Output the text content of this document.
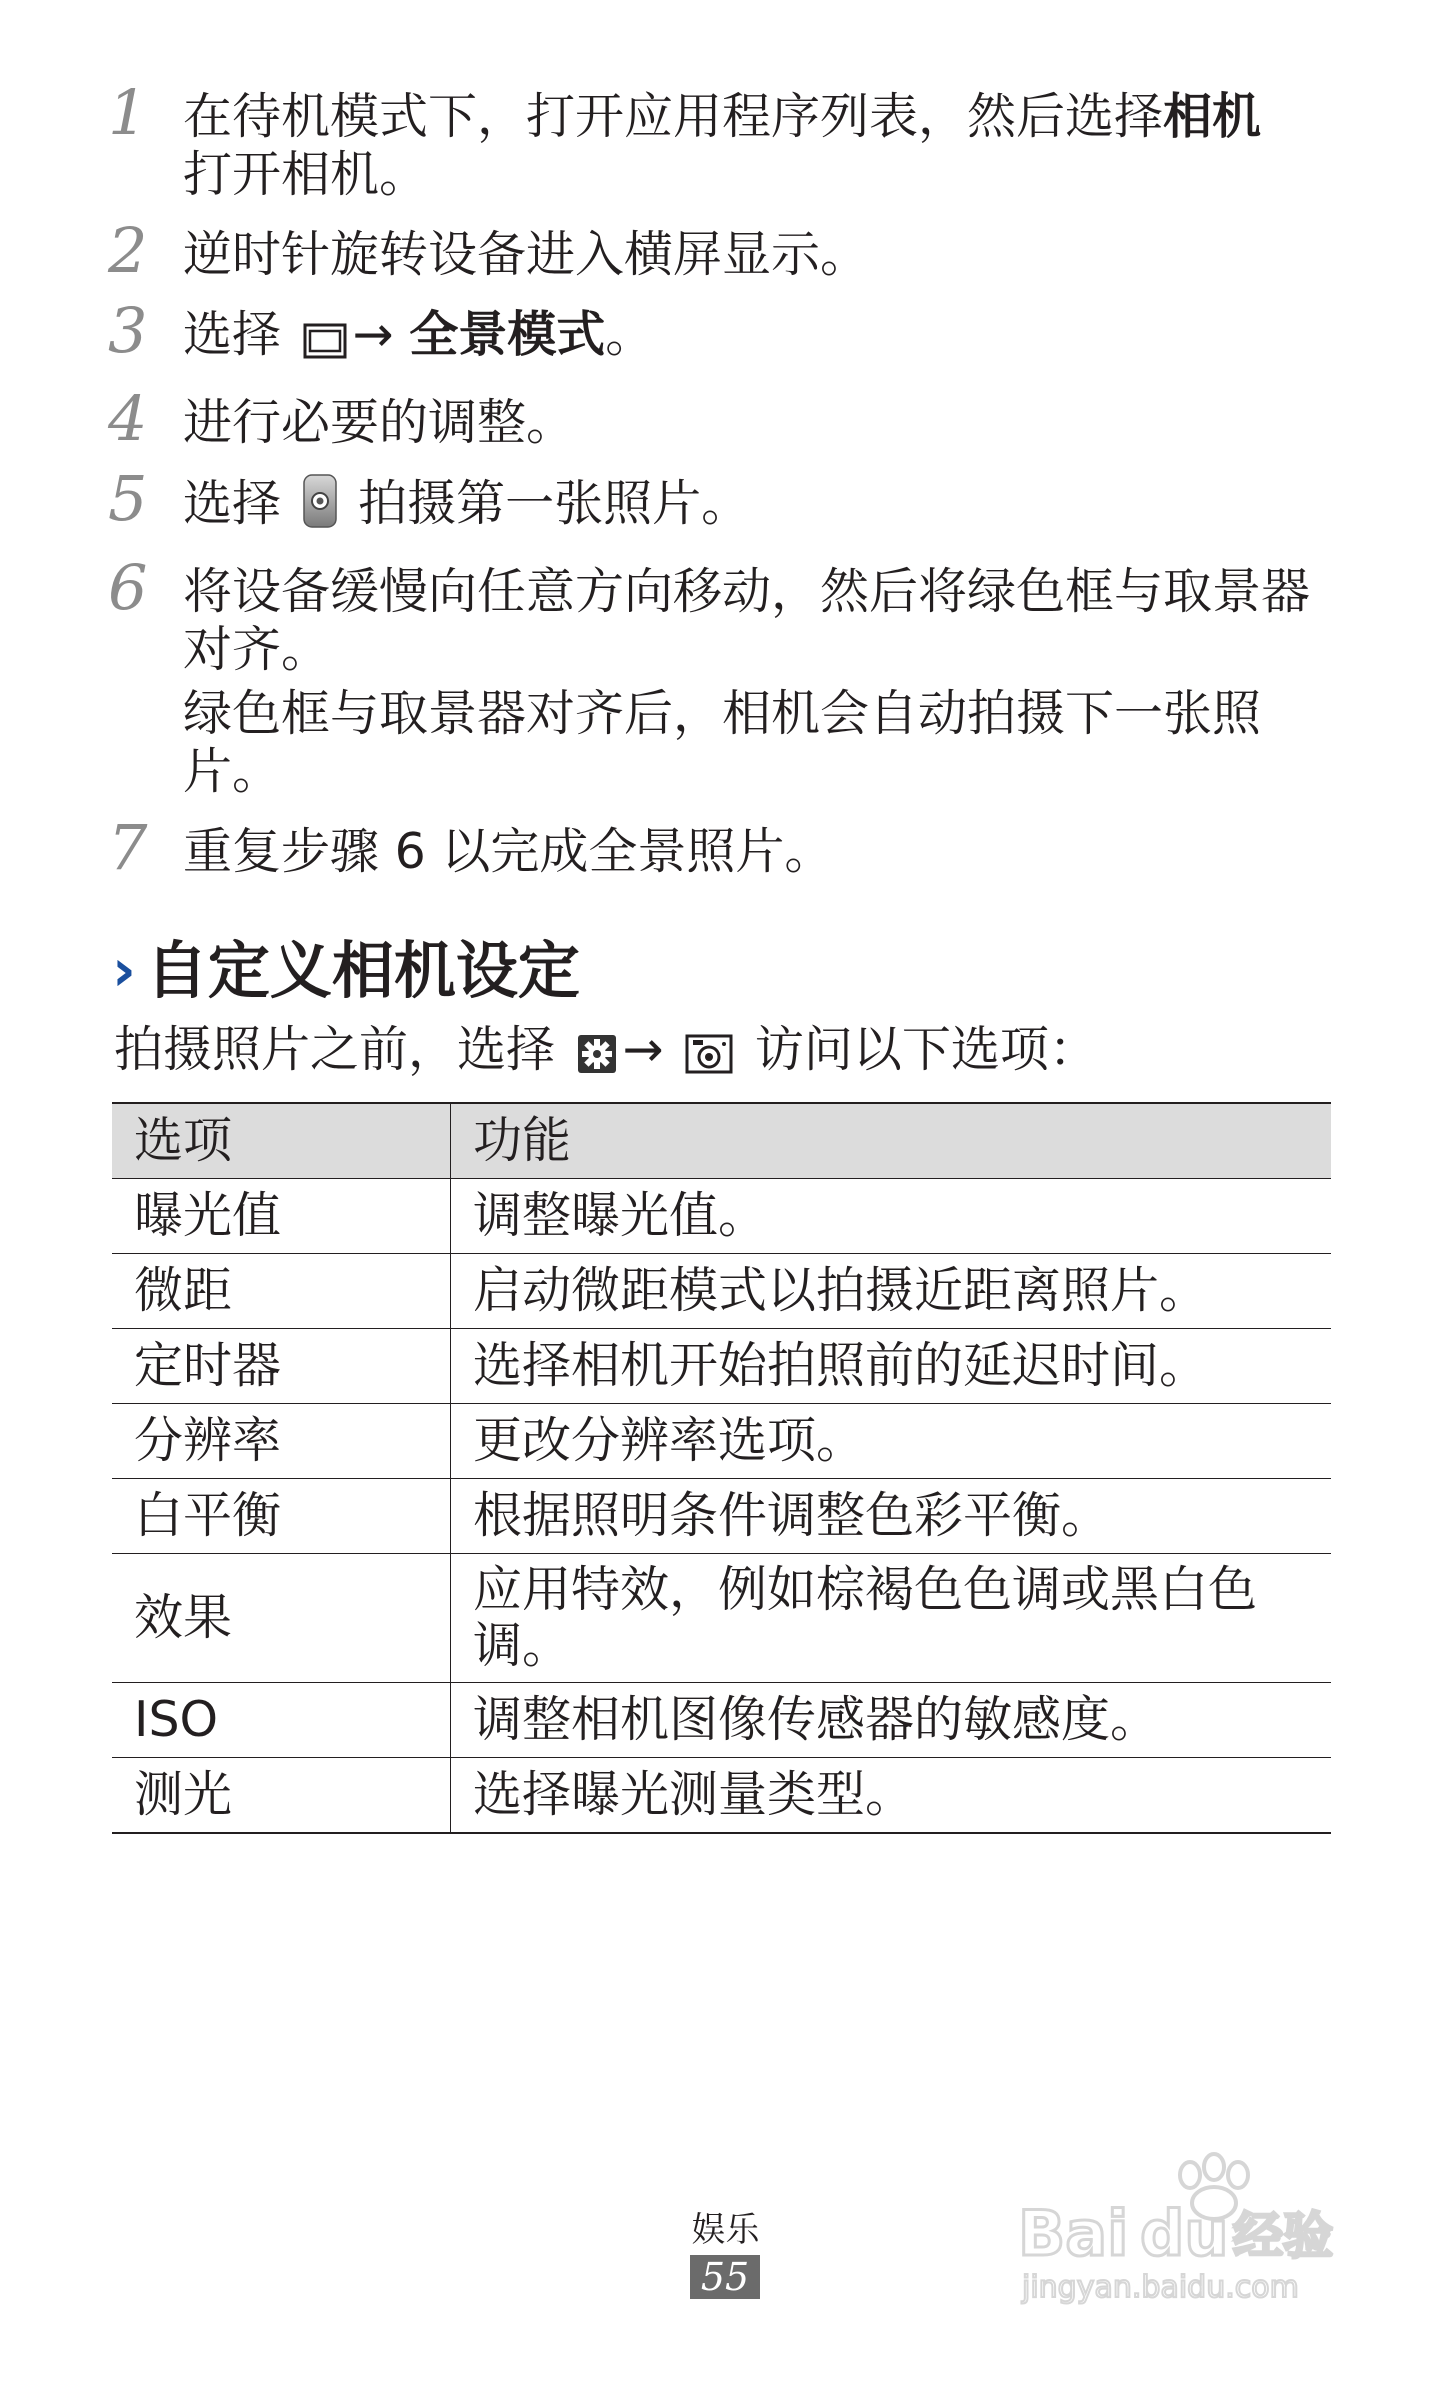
1 在待机模式下，打开应用程序列表，然后选择相机
打开相机。
2 逆时针旋转设备进入横屏显示。
3 选择 → 全景模式。
4 进行必要的调整。
5 选择 拍摄第一张照片。
6 将设备缓慢向任意方向移动，然后将绿色框与取景器对齐。
绿色框与取景器对齐后，相机会自动拍摄下一张照片。
7 重复步骤 6 以完成全景照片。
› 自定义相机设定
拍摄照片之前，选择 → 访问以下选项：
选项	功能
曝光值	调整曝光值。
微距	启动微距模式以拍摄近距离照片。
定时器	选择相机开始拍照前的延迟时间。
分辨率	更改分辨率选项。
白平衡	根据照明条件调整色彩平衡。
效果	应用特效，例如棕褐色色调或黑白色调。
ISO	调整相机图像传感器的敏感度。
测光	选择曝光测量类型。
娱乐
55
Bai du 经验
jingyan.baidu.com
